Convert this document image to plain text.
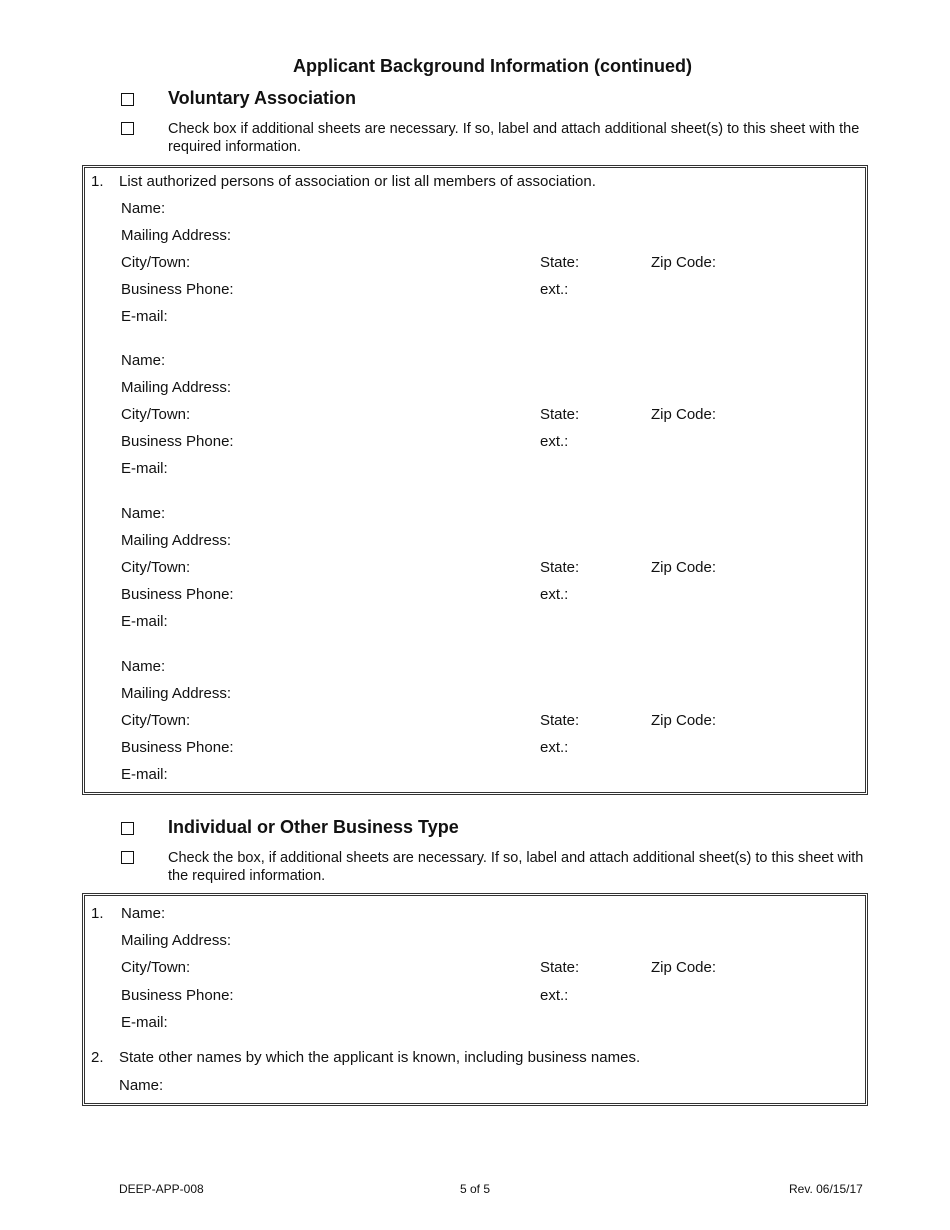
Applicant Background Information (continued)
Voluntary Association
Check box if additional sheets are necessary. If so, label and attach additional sheet(s) to this sheet with the required information.
1. List authorized persons of association or list all members of association.
Name:
Mailing Address:
City/Town:	State:	Zip Code:
Business Phone:	ext.:
E-mail:
Name:
Mailing Address:
City/Town:	State:	Zip Code:
Business Phone:	ext.:
E-mail:
Name:
Mailing Address:
City/Town:	State:	Zip Code:
Business Phone:	ext.:
E-mail:
Name:
Mailing Address:
City/Town:	State:	Zip Code:
Business Phone:	ext.:
E-mail:
Individual or Other Business Type
Check the box, if additional sheets are necessary. If so, label and attach additional sheet(s) to this sheet with the required information.
1. Name:
Mailing Address:
City/Town:	State:	Zip Code:
Business Phone:	ext.:
E-mail:
2. State other names by which the applicant is known, including business names.
Name:
DEEP-APP-008	5 of 5	Rev. 06/15/17
